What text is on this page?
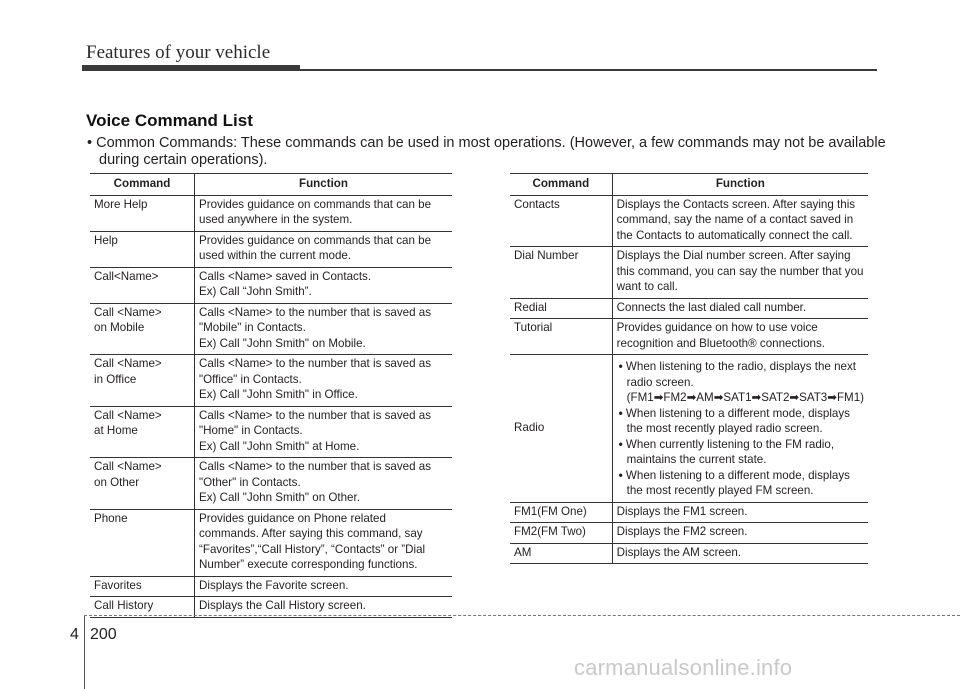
Features of your vehicle
Voice Command List
• Common Commands: These commands can be used in most operations. (However, a few commands may not be available during certain operations).
Command	Function
More Help	Provides guidance on commands that can be used anywhere in the system.
Help	Provides guidance on commands that can be used within the current mode.
Call<Name>	Calls <Name> saved in Contacts.
Ex) Call “John Smith”.

Call <Name>
on Mobile	Calls <Name> to the number that is saved as "Mobile" in Contacts.
Ex) Call "John Smith" on Mobile.

Call <Name>
in Office	Calls <Name> to the number that is saved as "Office" in Contacts.
Ex) Call "John Smith" in Office.

Call <Name>
at Home	Calls <Name> to the number that is saved as "Home" in Contacts.
Ex) Call "John Smith" at Home.

Call <Name>
on Other	Calls <Name> to the number that is saved as "Other" in Contacts.
Ex) Call "John Smith" on Other.

Phone	Provides guidance on Phone related commands. After saying this command, say “Favorites”,“Call History”, “Contacts” or ”Dial Number” execute corresponding functions.
Favorites	Displays the Favorite screen.
Call History	Displays the Call History screen.
Command	Function
Contacts	Displays the Contacts screen. After saying this command, say the name of a contact saved in the Contacts to automatically connect the call.
Dial Number	Displays the Dial number screen. After saying this command, you can say the number that you want to call.
Redial	Connects the last dialed call number.
Tutorial	Provides guidance on how to use voice recognition and Bluetooth® connections.
Radio	• When listening to the radio, displays the next radio screen. (FM1➡FM2➡AM➡SAT1➡SAT2➡SAT3➡FM1)
• When listening to a different mode, displays the most recently played radio screen.
• When currently listening to the FM radio, maintains the current state.
• When listening to a different mode, displays the most recently played FM screen.

FM1(FM One)	Displays the FM1 screen.
FM2(FM Two)	Displays the FM2 screen.
AM	Displays the AM screen.
4 200
carmanualsonline.info
